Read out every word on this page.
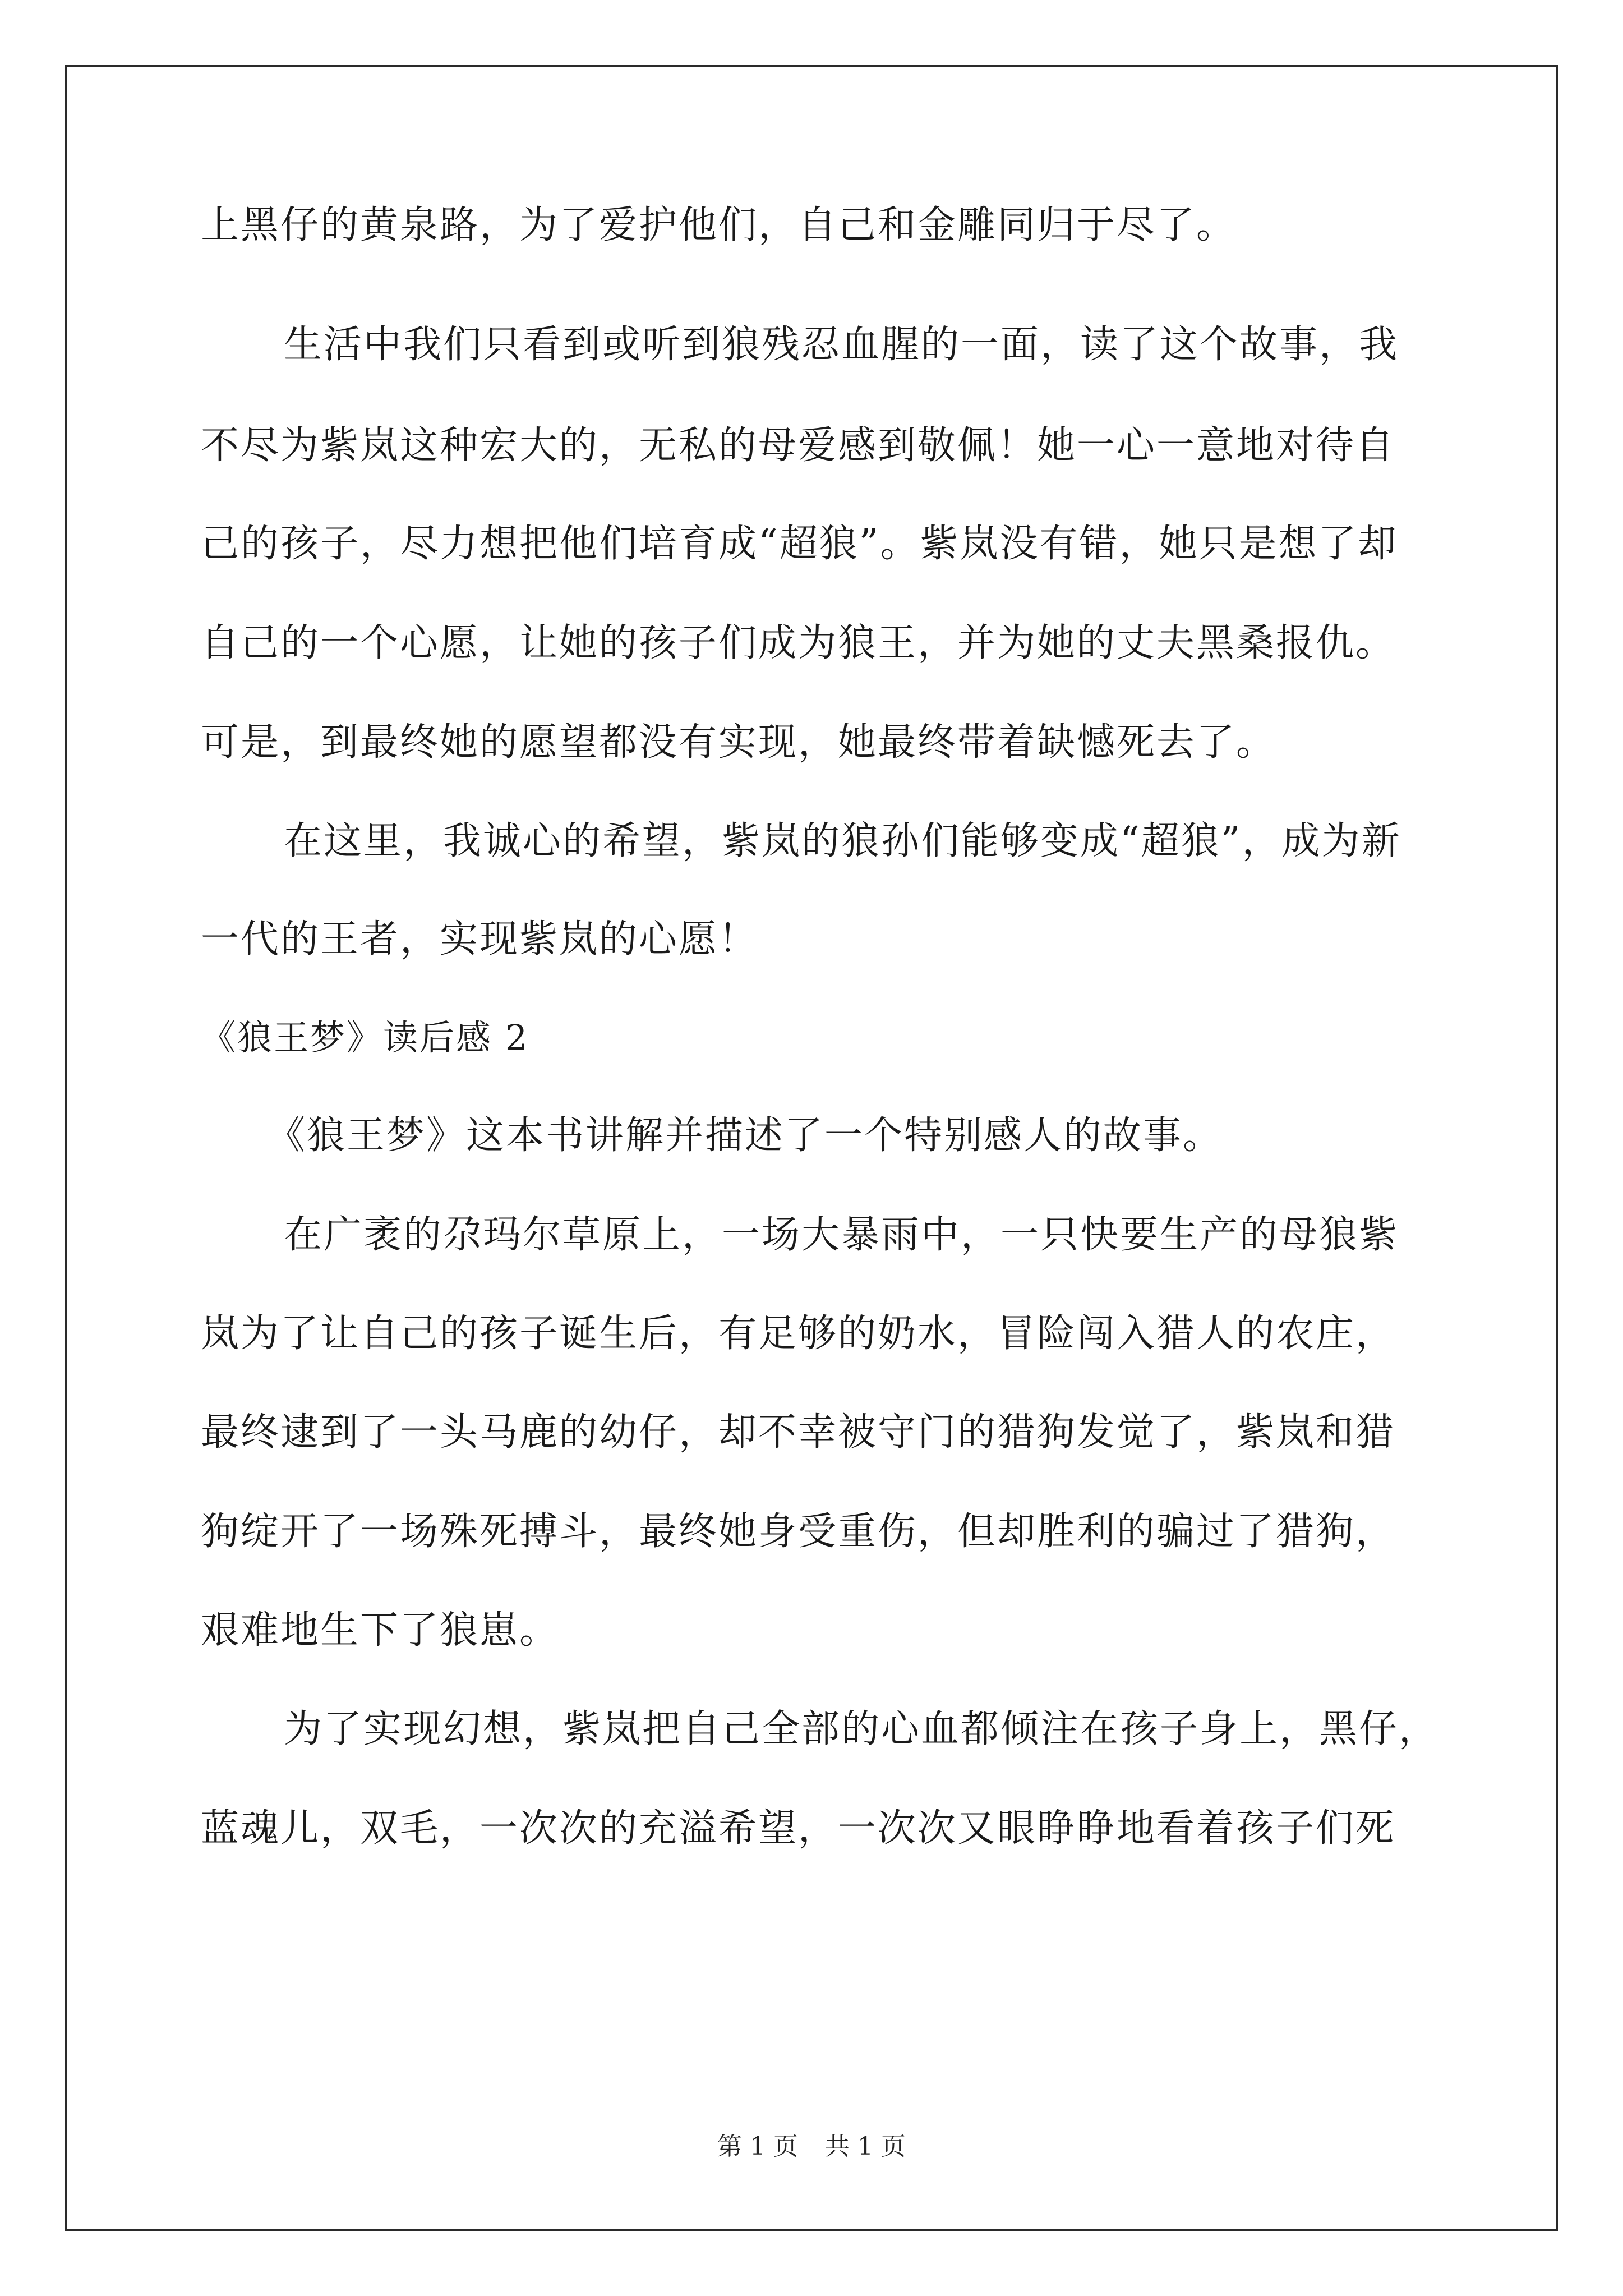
上黑仔的黄泉路，为了爱护他们，自己和金雕同归于尽了。
生活中我们只看到或听到狼残忍血腥的一面，读了这个故事，我
不尽为紫岚这种宏大的，无私的母爱感到敬佩！她一心一意地对待自
己的孩子，尽力想把他们培育成“超狼”。紫岚没有错，她只是想了却
自己的一个心愿，让她的孩子们成为狼王，并为她的丈夫黑桑报仇。
可是，到最终她的愿望都没有实现，她最终带着缺憾死去了。
在这里，我诚心的希望，紫岚的狼孙们能够变成“超狼”，成为新
一代的王者，实现紫岚的心愿！
《狼王梦》读后感 2
《狼王梦》这本书讲解并描述了一个特别感人的故事。
在广袤的尕玛尔草原上，一场大暴雨中，一只快要生产的母狼紫
岚为了让自己的孩子诞生后，有足够的奶水，冒险闯入猎人的农庄，
最终逮到了一头马鹿的幼仔，却不幸被守门的猎狗发觉了，紫岚和猎
狗绽开了一场殊死搏斗，最终她身受重伤，但却胜利的骗过了猎狗，
艰难地生下了狼崽。
为了实现幻想，紫岚把自己全部的心血都倾注在孩子身上，黑仔，
蓝魂儿，双毛，一次次的充溢希望，一次次又眼睁睁地看着孩子们死
第 1 页 共 1 页
